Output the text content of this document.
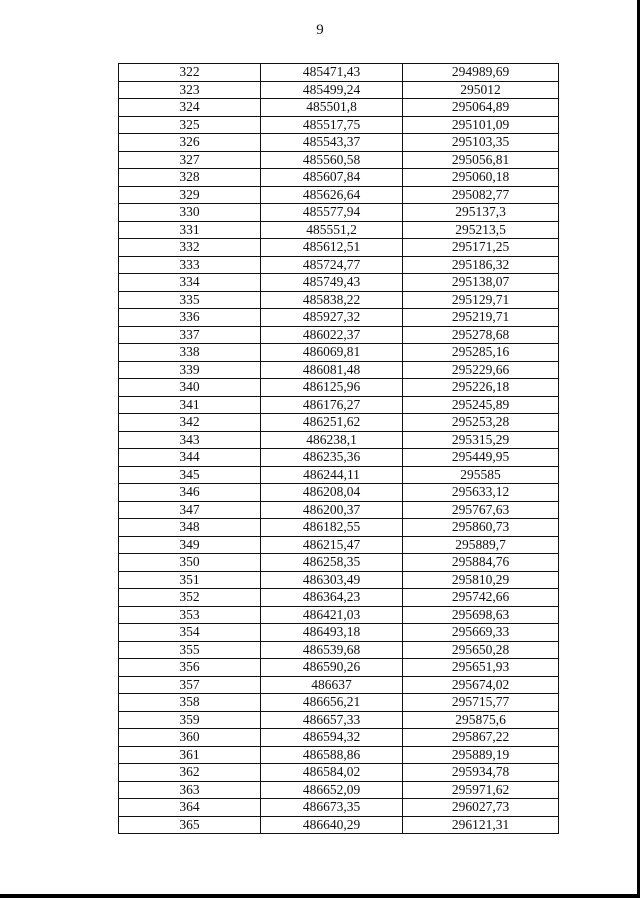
9
322	485471,43	294989,69
323	485499,24	295012
324	485501,8	295064,89
325	485517,75	295101,09
326	485543,37	295103,35
327	485560,58	295056,81
328	485607,84	295060,18
329	485626,64	295082,77
330	485577,94	295137,3
331	485551,2	295213,5
332	485612,51	295171,25
333	485724,77	295186,32
334	485749,43	295138,07
335	485838,22	295129,71
336	485927,32	295219,71
337	486022,37	295278,68
338	486069,81	295285,16
339	486081,48	295229,66
340	486125,96	295226,18
341	486176,27	295245,89
342	486251,62	295253,28
343	486238,1	295315,29
344	486235,36	295449,95
345	486244,11	295585
346	486208,04	295633,12
347	486200,37	295767,63
348	486182,55	295860,73
349	486215,47	295889,7
350	486258,35	295884,76
351	486303,49	295810,29
352	486364,23	295742,66
353	486421,03	295698,63
354	486493,18	295669,33
355	486539,68	295650,28
356	486590,26	295651,93
357	486637	295674,02
358	486656,21	295715,77
359	486657,33	295875,6
360	486594,32	295867,22
361	486588,86	295889,19
362	486584,02	295934,78
363	486652,09	295971,62
364	486673,35	296027,73
365	486640,29	296121,31
